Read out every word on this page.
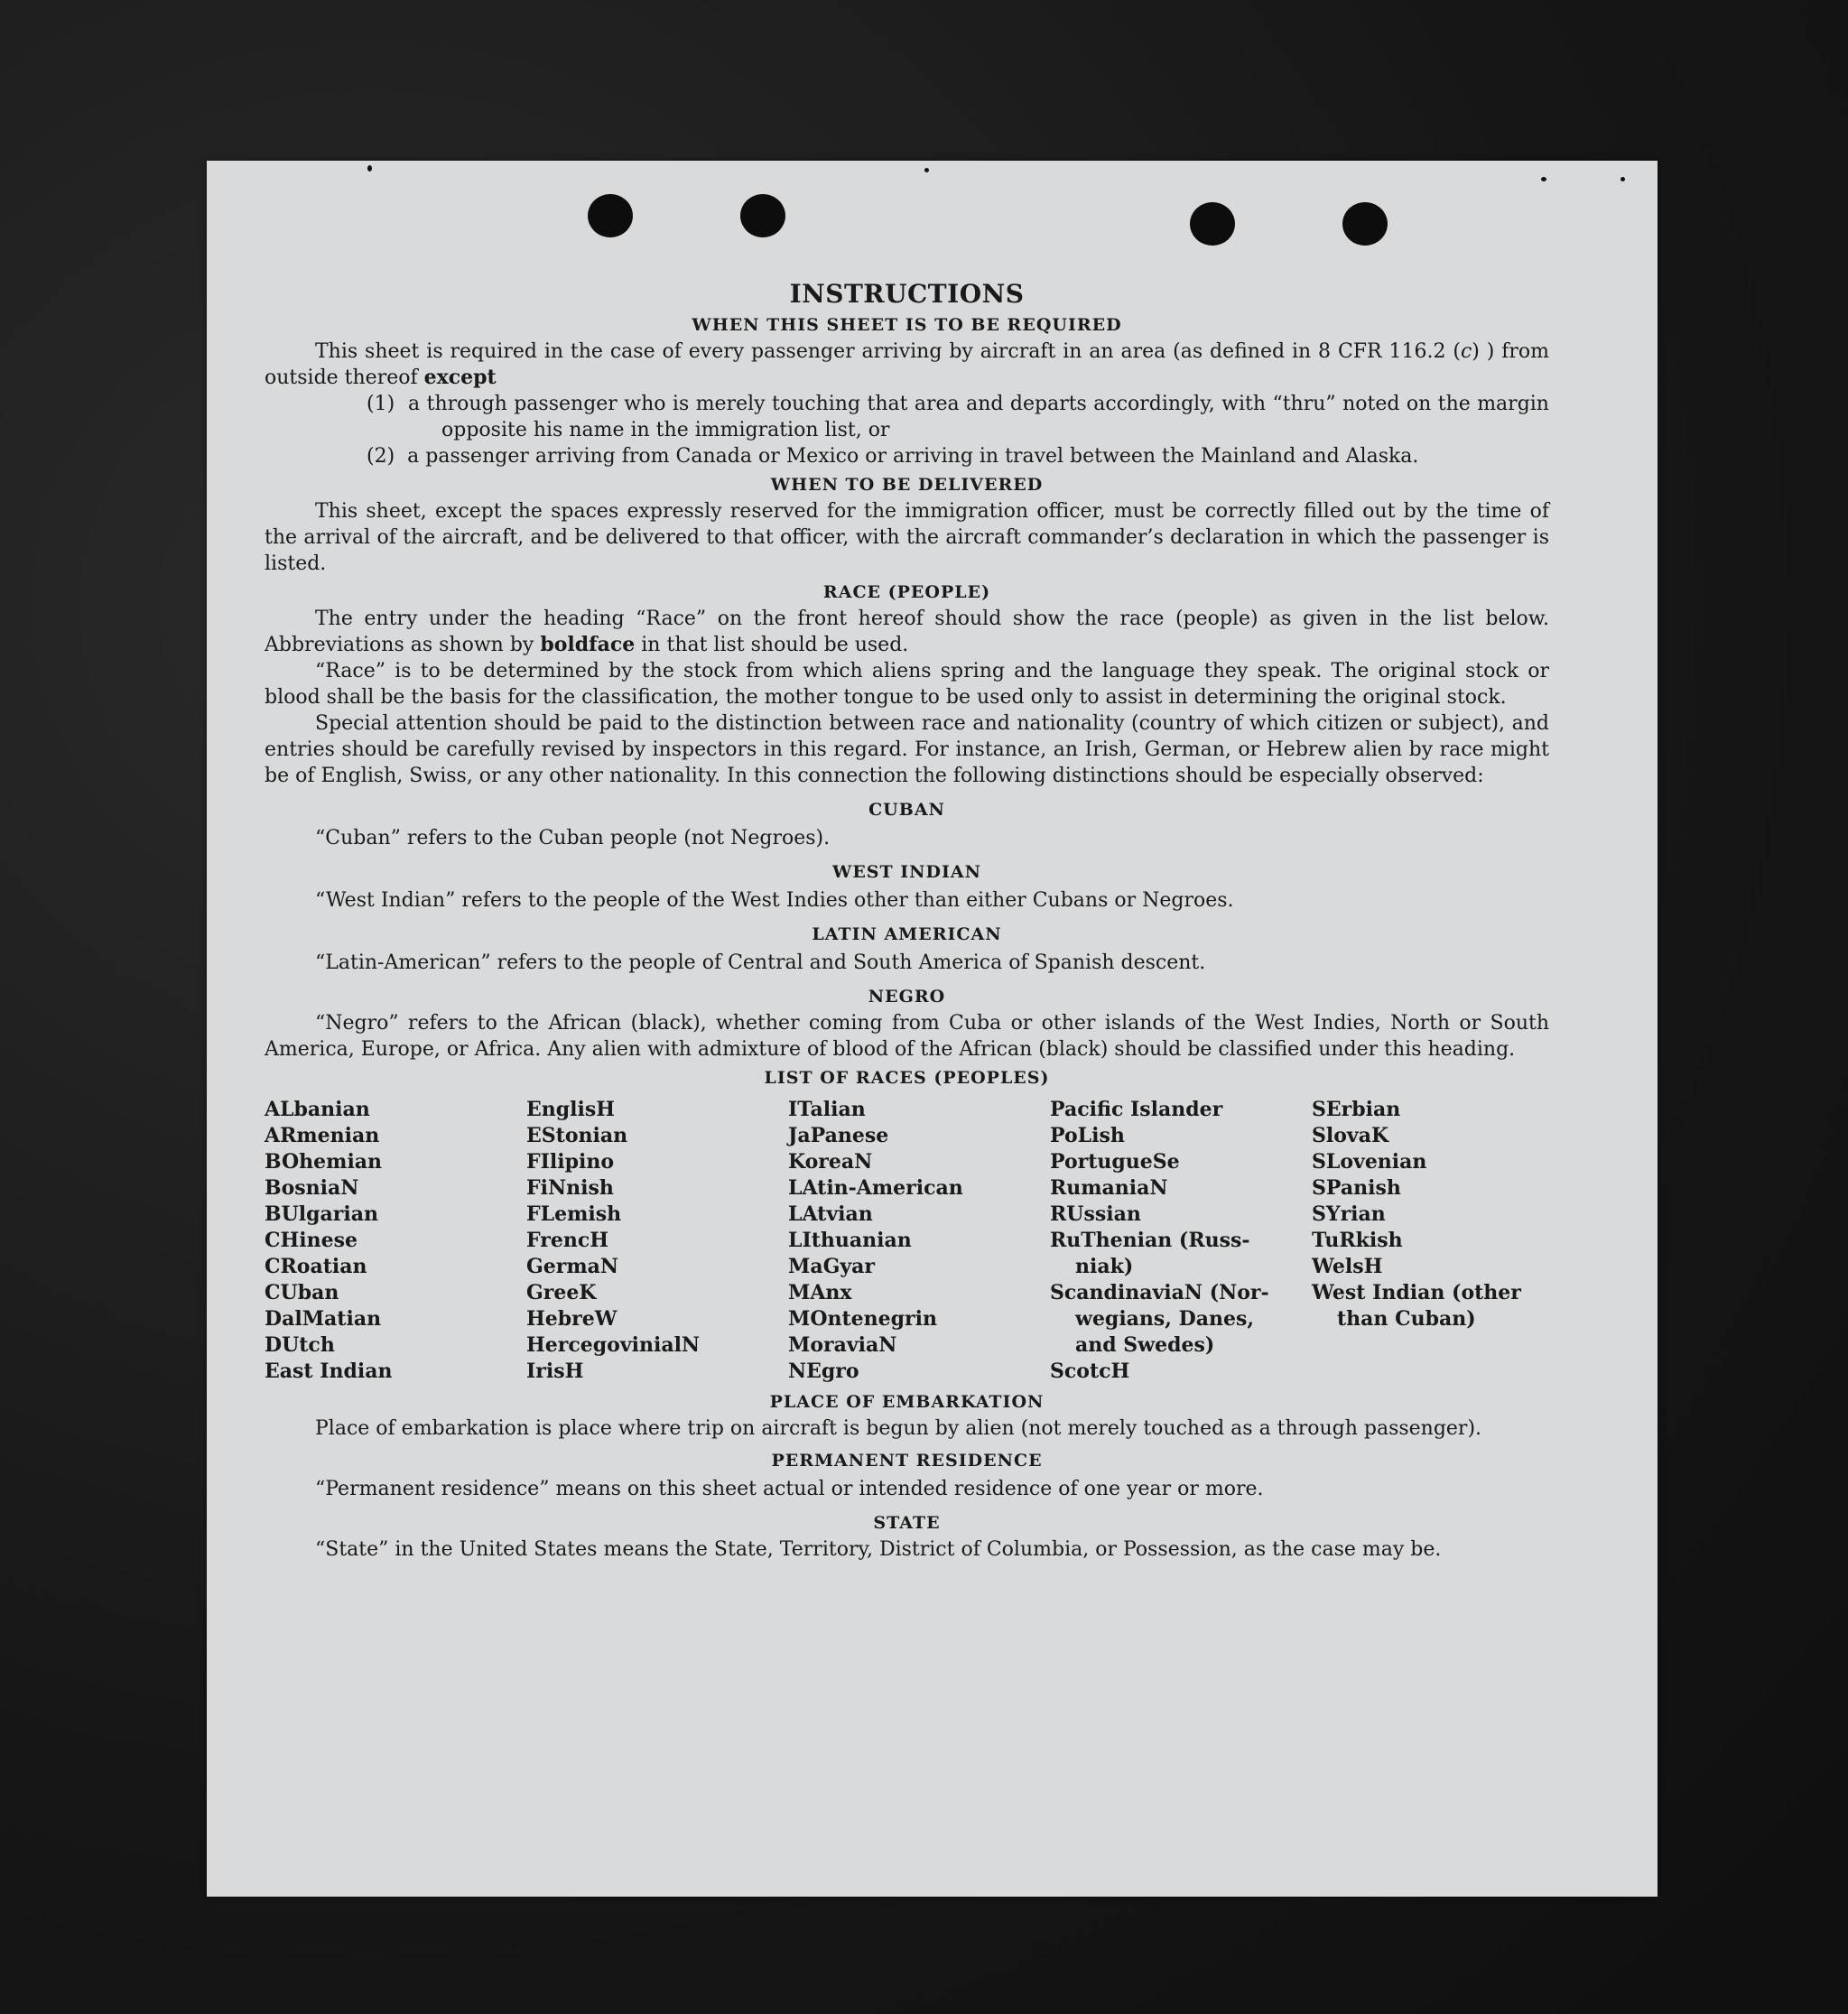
INSTRUCTIONS
WHEN THIS SHEET IS TO BE REQUIRED

This sheet is required in the case of every passenger arriving by aircraft in an area (as defined in 8 CFR 116.2 (c) ) from outside thereof except

(1) a through passenger who is merely touching that area and departs accordingly, with “thru” noted on the margin opposite his name in the immigration list, or

(2) a passenger arriving from Canada or Mexico or arriving in travel between the Mainland and Alaska.

WHEN TO BE DELIVERED

This sheet, except the spaces expressly reserved for the immigration officer, must be correctly filled out by the time of the arrival of the aircraft, and be delivered to that officer, with the aircraft commander’s declaration in which the passenger is listed.

RACE (PEOPLE)

The entry under the heading “Race” on the front hereof should show the race (people) as given in the list below. Abbreviations as shown by boldface in that list should be used.

“Race” is to be determined by the stock from which aliens spring and the language they speak. The original stock or blood shall be the basis for the classification, the mother tongue to be used only to assist in determining the original stock.

Special attention should be paid to the distinction between race and nationality (country of which citizen or subject), and entries should be carefully revised by inspectors in this regard. For instance, an Irish, German, or Hebrew alien by race might be of English, Swiss, or any other nationality. In this connection the following distinctions should be especially observed:

CUBAN

“Cuban” refers to the Cuban people (not Negroes).

WEST INDIAN

“West Indian” refers to the people of the West Indies other than either Cubans or Negroes.

LATIN AMERICAN

“Latin-American” refers to the people of Central and South America of Spanish descent.

NEGRO

“Negro” refers to the African (black), whether coming from Cuba or other islands of the West Indies, North or South America, Europe, or Africa. Any alien with admixture of blood of the African (black) should be classified under this heading.

LIST OF RACES (PEOPLES)
ALbanian
ARmenian
BOhemian
BosniaN
BUlgarian
CHinese
CRoatian
CUban
DalMatian
DUtch
East Indian
EnglisH
EStonian
FIlipino
FiNnish
FLemish
FrencH
GermaN
GreeK
HebreW
HercegovinialN
IrisH
ITalian
JaPanese
KoreaN
LAtin-American
LAtvian
LIthuanian
MaGyar
MAnx
MOntenegrin
MoraviaN
NEgro
Pacific Islander
PoLish
PortugueSe
RumaniaN
RUssian
RuThenian (Russ-
niak)
ScandinaviaN (Nor-
wegians, Danes,
and Swedes)
ScotcH
SErbian
SlovaK
SLovenian
SPanish
SYrian
TuRkish
WelsH
West Indian (other
than Cuban)
PLACE OF EMBARKATION

Place of embarkation is place where trip on aircraft is begun by alien (not merely touched as a through passenger).

PERMANENT RESIDENCE

“Permanent residence” means on this sheet actual or intended residence of one year or more.

STATE

“State” in the United States means the State, Territory, District of Columbia, or Possession, as the case may be.
